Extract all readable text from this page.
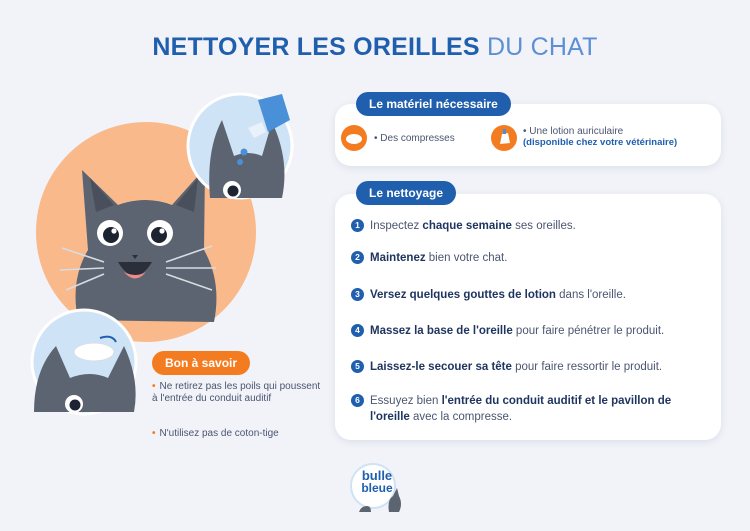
NETTOYER LES OREILLES DU CHAT
Bon à savoir
• Ne retirez pas les poils qui poussent à l'entrée du conduit auditif
• N'utilisez pas de coton-tige
Le matériel nécessaire
• Des compresses
• Une lotion auriculaire
(disponible chez votre vétérinaire)
Le nettoyage
1 Inspectez chaque semaine ses oreilles.
2 Maintenez bien votre chat.
3 Versez quelques gouttes de lotion dans l'oreille.
4 Massez la base de l'oreille pour faire pénétrer le produit.
5 Laissez-le secouer sa tête pour faire ressortir le produit.
6 Essuyez bien l'entrée du conduit auditif et le pavillon de l'oreille avec la compresse.
bulle
bleue
